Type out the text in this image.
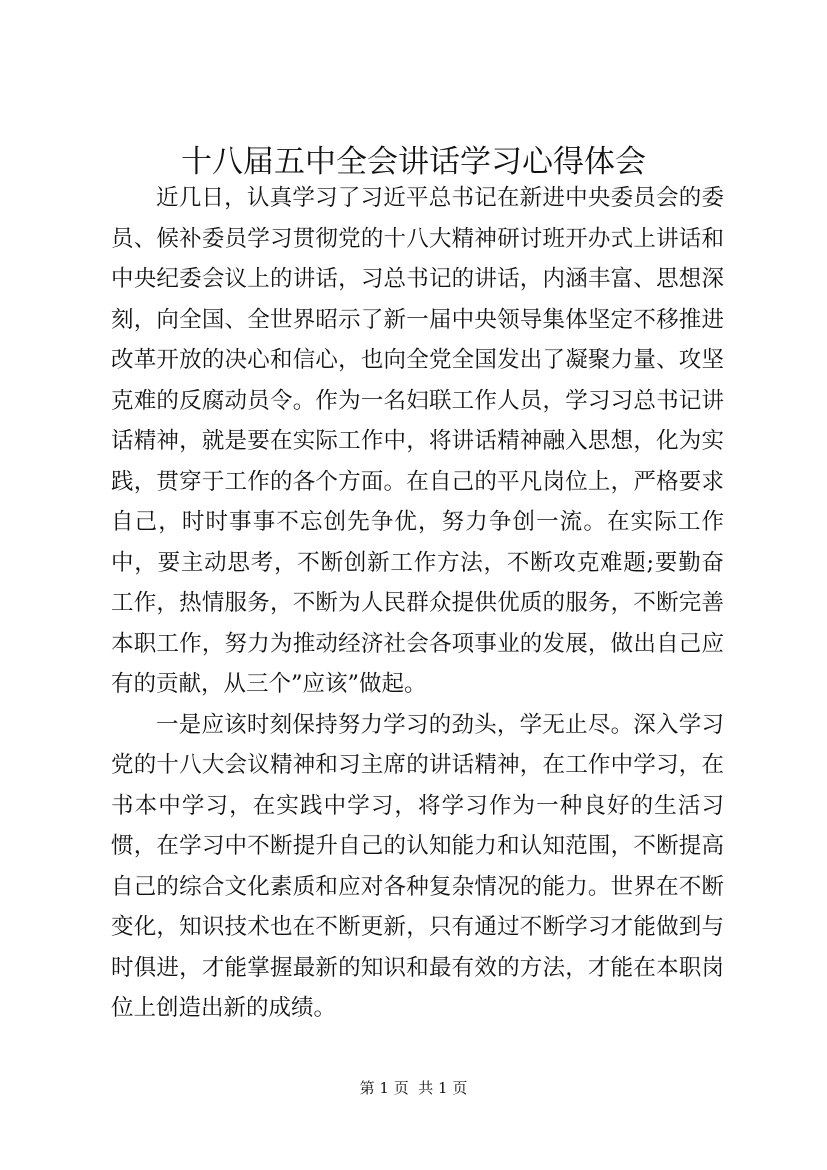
十八届五中全会讲话学习心得体会

近几日，认真学习了习近平总书记在新进中央委员会的委员、候补委员学习贯彻党的十八大精神研讨班开办式上讲话和中央纪委会议上的讲话，习总书记的讲话，内涵丰富、思想深刻，向全国、全世界昭示了新一届中央领导集体坚定不移推进改革开放的决心和信心，也向全党全国发出了凝聚力量、攻坚克难的反腐动员令。作为一名妇联工作人员，学习习总书记讲话精神，就是要在实际工作中，将讲话精神融入思想，化为实践，贯穿于工作的各个方面。在自己的平凡岗位上，严格要求自己，时时事事不忘创先争优，努力争创一流。在实际工作中，要主动思考，不断创新工作方法，不断攻克难题;要勤奋工作，热情服务，不断为人民群众提供优质的服务，不断完善本职工作，努力为推动经济社会各项事业的发展，做出自己应有的贡献，从三个”应该”做起。

一是应该时刻保持努力学习的劲头，学无止尽。深入学习党的十八大会议精神和习主席的讲话精神，在工作中学习，在书本中学习，在实践中学习，将学习作为一种良好的生活习惯，在学习中不断提升自己的认知能力和认知范围，不断提高自己的综合文化素质和应对各种复杂情况的能力。世界在不断变化，知识技术也在不断更新，只有通过不断学习才能做到与时俱进，才能掌握最新的知识和最有效的方法，才能在本职岗位上创造出新的成绩。

第 1 页  共 1 页
